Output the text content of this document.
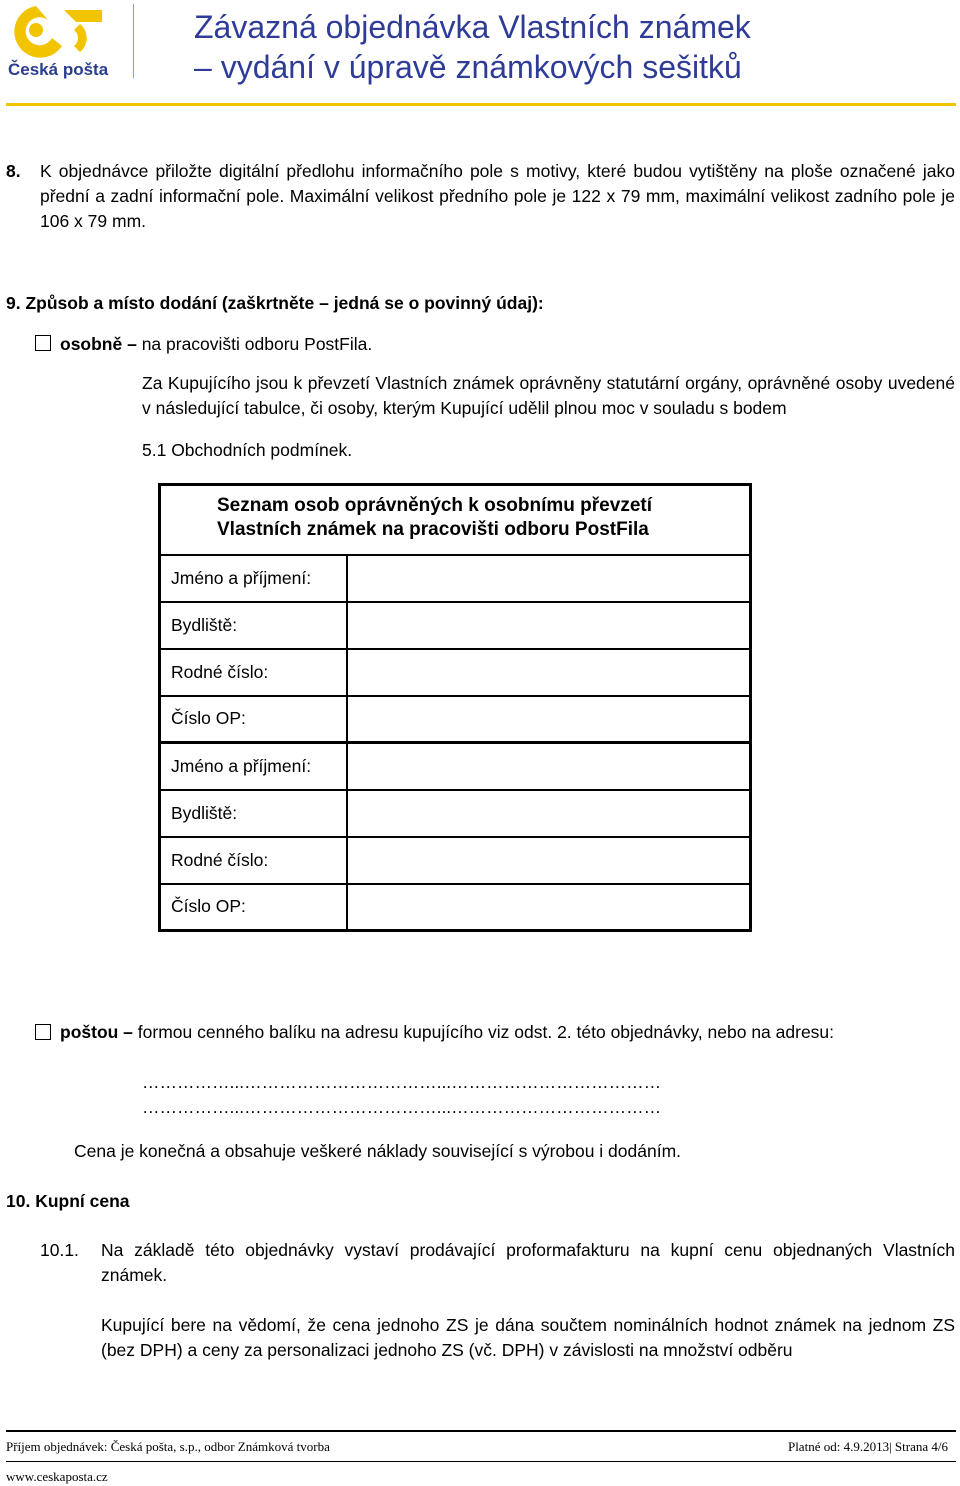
Česká pošta
Závazná objednávka Vlastních známek
– vydání v úpravě známkových sešitků
8. K objednávce přiložte digitální předlohu informačního pole s motivy, které budou vytištěny na ploše označené jako přední a zadní informační pole. Maximální velikost předního pole je 122 x 79 mm, maximální velikost zadního pole je 106 x 79 mm.
9. Způsob a místo dodání (zaškrtněte – jedná se o povinný údaj):
osobně – na pracovišti odboru PostFila.
Za Kupujícího jsou k převzetí Vlastních známek oprávněny statutární orgány, oprávněné osoby uvedené v následující tabulce, či osoby, kterým Kupující udělil plnou moc v souladu s bodem
5.1 Obchodních podmínek.
Seznam osob oprávněných k osobnímu převzetí
Vlastních známek na pracovišti odboru PostFila	

Jméno a příjmení:	
Bydliště:	
Rodné číslo:	
Číslo OP:	
Jméno a příjmení:	
Bydliště:	
Rodné číslo:	
Číslo OP:	
poštou – formou cenného balíku na adresu kupujícího viz odst. 2. této objednávky, nebo na adresu:
……………...……………………………...………………………………
……………...……………………………...………………………………
Cena je konečná a obsahuje veškeré náklady související s výrobou i dodáním.
10. Kupní cena
10.1. Na základě této objednávky vystaví prodávající proformafakturu na kupní cenu objednaných Vlastních známek.
Kupující bere na vědomí, že cena jednoho ZS je dána součtem nominálních hodnot známek na jednom ZS (bez DPH) a ceny za personalizaci jednoho ZS (vč. DPH) v závislosti na množství odběru
Příjem objednávek: Česká pošta, s.p., odbor Známková tvorba	Platné od: 4.9.2013| Strana 4/6
www.ceskaposta.cz
